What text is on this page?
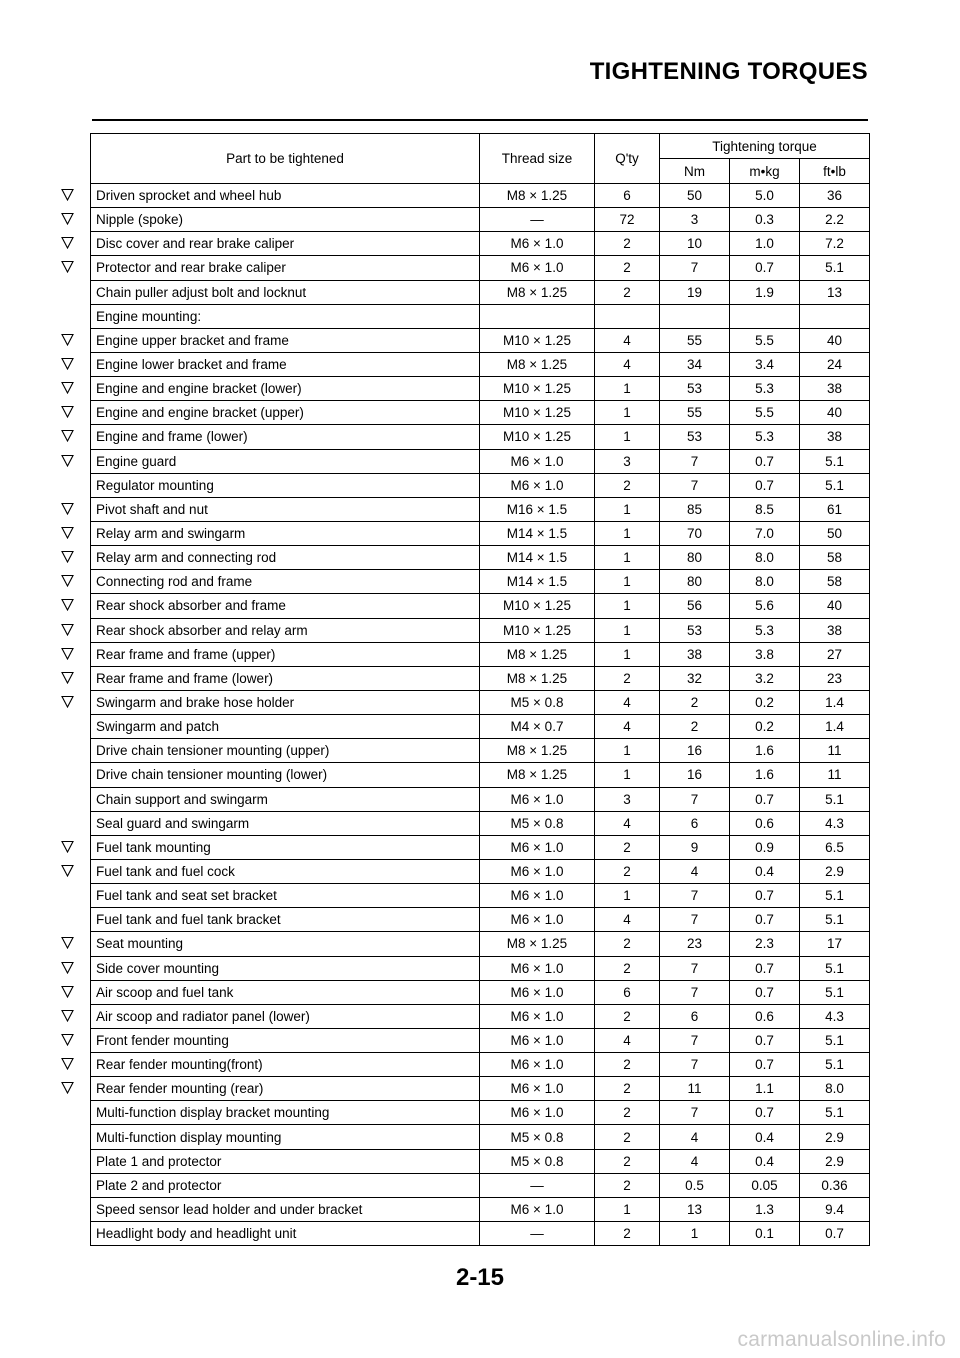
TIGHTENING TORQUES
Part to be tightened	Thread size	Q'ty	Tightening torque		
			Nm	m•kg	ft•lb

Driven sprocket and wheel hub	M8 × 1.25	6	50	5.0	36

Nipple (spoke)	—	72	3	0.3	2.2

Disc cover and rear brake caliper	M6 × 1.0	2	10	1.0	7.2

Protector and rear brake caliper	M6 × 1.0	2	7	0.7	5.1
Chain puller adjust bolt and locknut	M8 × 1.25	2	19	1.9	13
Engine mounting:					

Engine upper bracket and frame	M10 × 1.25	4	55	5.5	40

Engine lower bracket and frame	M8 × 1.25	4	34	3.4	24

Engine and engine bracket (lower)	M10 × 1.25	1	53	5.3	38

Engine and engine bracket (upper)	M10 × 1.25	1	55	5.5	40

Engine and frame (lower)	M10 × 1.25	1	53	5.3	38

Engine guard	M6 × 1.0	3	7	0.7	5.1
Regulator mounting	M6 × 1.0	2	7	0.7	5.1

Pivot shaft and nut	M16 × 1.5	1	85	8.5	61

Relay arm and swingarm	M14 × 1.5	1	70	7.0	50

Relay arm and connecting rod	M14 × 1.5	1	80	8.0	58

Connecting rod and frame	M14 × 1.5	1	80	8.0	58

Rear shock absorber and frame	M10 × 1.25	1	56	5.6	40

Rear shock absorber and relay arm	M10 × 1.25	1	53	5.3	38

Rear frame and frame (upper)	M8 × 1.25	1	38	3.8	27

Rear frame and frame (lower)	M8 × 1.25	2	32	3.2	23

Swingarm and brake hose holder	M5 × 0.8	4	2	0.2	1.4
Swingarm and patch	M4 × 0.7	4	2	0.2	1.4
Drive chain tensioner mounting (upper)	M8 × 1.25	1	16	1.6	11
Drive chain tensioner mounting (lower)	M8 × 1.25	1	16	1.6	11
Chain support and swingarm	M6 × 1.0	3	7	0.7	5.1
Seal guard and swingarm	M5 × 0.8	4	6	0.6	4.3

Fuel tank mounting	M6 × 1.0	2	9	0.9	6.5

Fuel tank and fuel cock	M6 × 1.0	2	4	0.4	2.9
Fuel tank and seat set bracket	M6 × 1.0	1	7	0.7	5.1
Fuel tank and fuel tank bracket	M6 × 1.0	4	7	0.7	5.1

Seat mounting	M8 × 1.25	2	23	2.3	17

Side cover mounting	M6 × 1.0	2	7	0.7	5.1

Air scoop and fuel tank	M6 × 1.0	6	7	0.7	5.1

Air scoop and radiator panel (lower)	M6 × 1.0	2	6	0.6	4.3

Front fender mounting	M6 × 1.0	4	7	0.7	5.1

Rear fender mounting(front)	M6 × 1.0	2	7	0.7	5.1

Rear fender mounting (rear)	M6 × 1.0	2	11	1.1	8.0
Multi-function display bracket mounting	M6 × 1.0	2	7	0.7	5.1
Multi-function display mounting	M5 × 0.8	2	4	0.4	2.9
Plate 1 and protector	M5 × 0.8	2	4	0.4	2.9
Plate 2 and protector	—	2	0.5	0.05	0.36
Speed sensor lead holder and under bracket	M6 × 1.0	1	13	1.3	9.4
Headlight body and headlight unit	—	2	1	0.1	0.7
2-15
carmanualsonline.info
